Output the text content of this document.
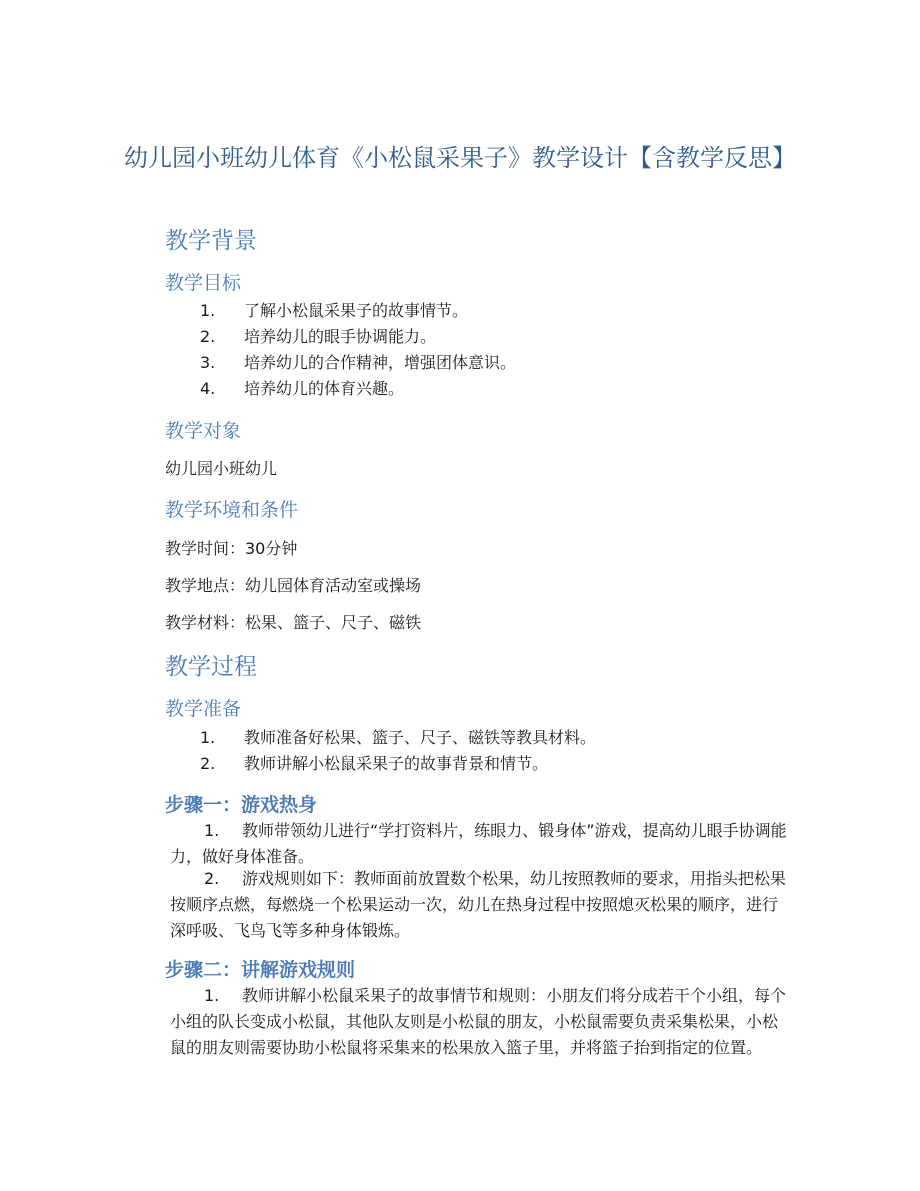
幼儿园小班幼儿体育《小松鼠采果子》教学设计【含教学反思】
教学背景
教学目标
1. 了解小松鼠采果子的故事情节。
2. 培养幼儿的眼手协调能力。
3. 培养幼儿的合作精神，增强团体意识。
4. 培养幼儿的体育兴趣。
教学对象

幼儿园小班幼儿

教学环境和条件

教学时间：30分钟

教学地点：幼儿园体育活动室或操场

教学材料：松果、篮子、尺子、磁铁

教学过程
教学准备
1. 教师准备好松果、篮子、尺子、磁铁等教具材料。
2. 教师讲解小松鼠采果子的故事背景和情节。
步骤一：游戏热身

1. 教师带领幼儿进行“学打资料片，练眼力、锻身体”游戏，提高幼儿眼手协调能力，做好身体准备。

2. 游戏规则如下：教师面前放置数个松果，幼儿按照教师的要求，用指头把松果按顺序点燃，每燃烧一个松果运动一次，幼儿在热身过程中按照熄灭松果的顺序，进行深呼吸、飞鸟飞等多种身体锻炼。

步骤二：讲解游戏规则

1. 教师讲解小松鼠采果子的故事情节和规则：小朋友们将分成若干个小组，每个小组的队长变成小松鼠，其他队友则是小松鼠的朋友，小松鼠需要负责采集松果，小松鼠的朋友则需要协助小松鼠将采集来的松果放入篮子里，并将篮子抬到指定的位置。
